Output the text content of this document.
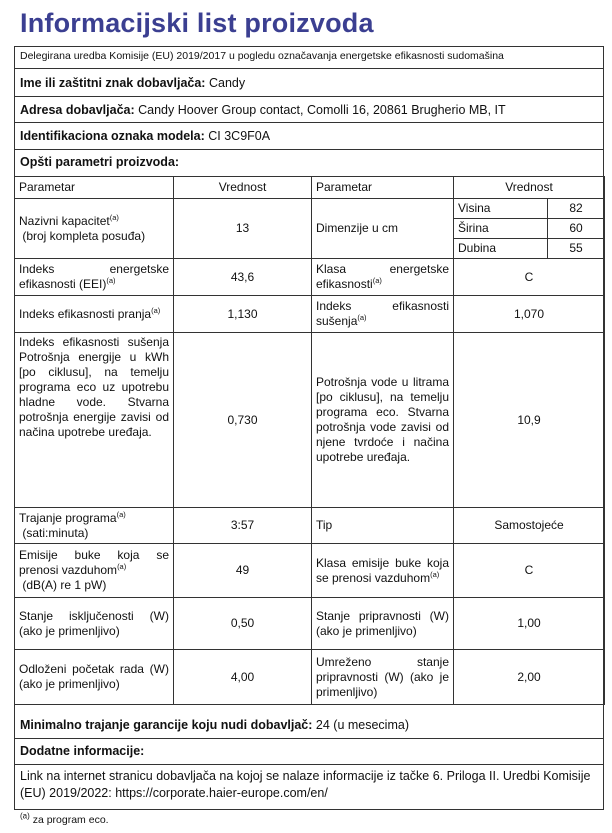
Informacijski list proizvoda
Delegirana uredba Komisije (EU) 2019/2017 u pogledu označavanja energetske efikasnosti sudomašina
Ime ili zaštitni znak dobavljača: Candy
Adresa dobavljača: Candy Hoover Group contact, Comolli 16, 20861 Brugherio MB, IT
Identifikaciona oznaka modela: CI 3C9F0A
Opšti parametri proizvoda:
Parametar	Vrednost	Parametar	Vrednost
Nazivni kapacitet$^{(a)}$
(broj kompleta posuđa)	13	Dimenzije u cm	
Visina	82
Širina	60
Dubina	55

Indeks energetske efikasnosti (EEI)$^{(a)}$	43,6	Klasa energetske efikasnosti$^{(a)}$	C
Indeks efikasnosti pranja$^{(a)}$	1,130	Indeks efikasnosti sušenja$^{(a)}$	1,070
Indeks efikasnosti sušenja Potrošnja energije u kWh [po ciklusu], na temelju programa eco uz upotrebu hladne vode. Stvarna potrošnja energije zavisi od načina upotrebe uređaja.	0,730	Potrošnja vode u litrama [po ciklusu], na temelju programa eco. Stvarna potrošnja vode zavisi od njene tvrdoće i načina upotrebe uređaja.	10,9
Trajanje programa$^{(a)}$
(sati:minuta)	3:57	Tip	Samostojeće
Emisije buke koja se prenosi vazduhom$^{(a)}$
(dB(A) re 1 pW)	49	Klasa emisije buke koja se prenosi vazduhom$^{(a)}$	C
Stanje isključenosti (W) (ako je primenljivo)	0,50	Stanje pripravnosti (W) (ako je primenljivo)	1,00
Odloženi početak rada (W) (ako je primenljivo)	4,00	Umreženo stanje pripravnosti (W) (ako je primenljivo)	2,00
Minimalno trajanje garancije koju nudi dobavljač: 24 (u mesecima)
Dodatne informacije:
Link na internet stranicu dobavljača na kojoj se nalaze informacije iz tačke 6. Priloga II. Uredbi Komisije (EU) 2019/2022: https://corporate.haier-europe.com/en/
$^{(a)}$ za program eco.
